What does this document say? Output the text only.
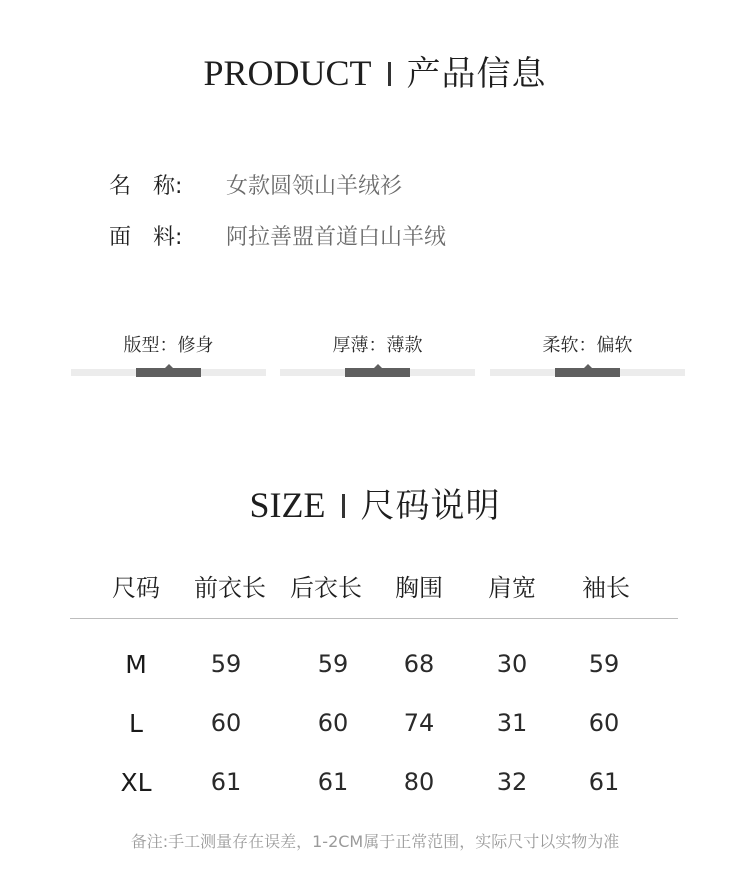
PRODUCT 产品信息
名　称: 女款圆领山羊绒衫
面　料: 阿拉善盟首道白山羊绒
版型：修身	厚薄：薄款	柔软：偏软
SIZE 尺码说明
尺码	前衣长	后衣长	胸围	肩宽	袖长
M	59	59	68	30	59
L	60	60	74	31	60
XL	61	61	80	32	61
备注:手工测量存在误差，1-2CM属于正常范围，实际尺寸以实物为准
